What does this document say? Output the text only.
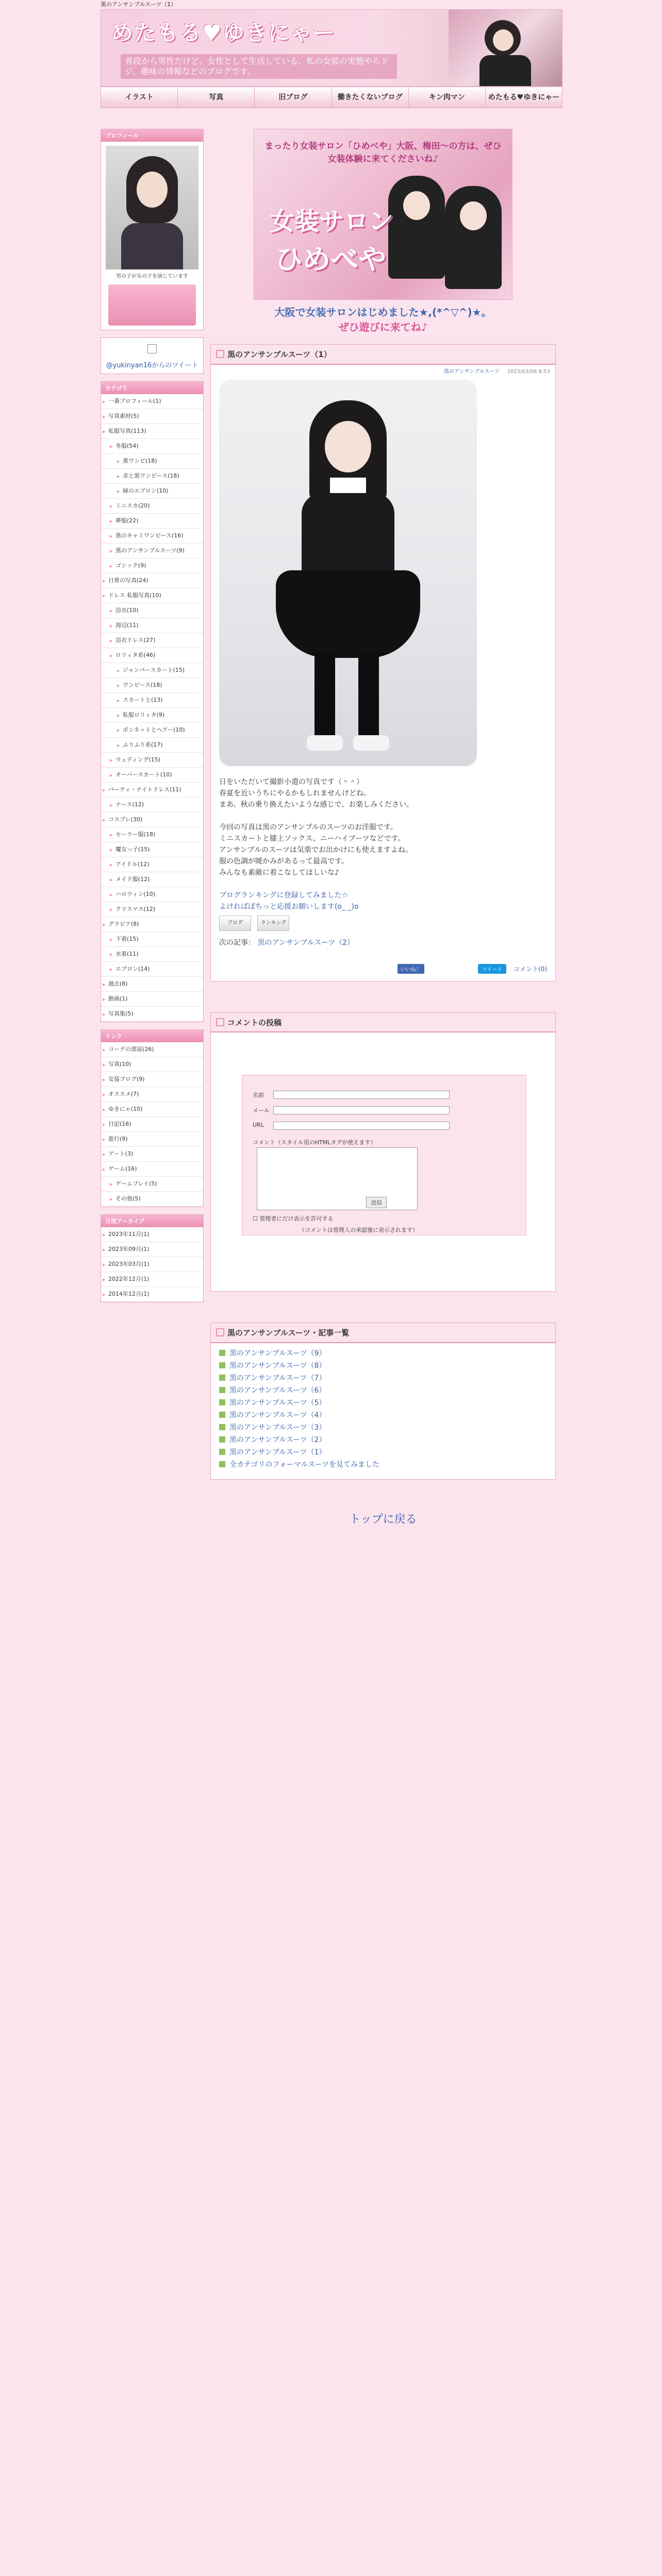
黒のアンサンブルスーツ（1）
めたもる♥ゆきにゃー
普段から男性だけど、女性として生活している、私の女装の実態やらドジ、趣味の情報などのブログです。
イラスト	写真	旧ブログ	働きたくないブログ	キン肉マン	めたもる♥ゆきにゃー
プロフィール
男の子が女の子を演じています
@yukinyan16からのツイート
カテゴリ
▶ 一番プロフィール(1)
▶ 写真素材(5)
▶ 私服写真(113)
▶ 冬服(54)
▶ 黒ワンピ(18)
▶ 赤と黒ワンピース(18)
▶ 緑のエプロン(10)
▶ ミニスカ(20)
▶ 夢服(22)
▶ 黒のキャミワンピース(16)
▶ 黒のアンサンブルスーツ(9)
▶ ゴシック(9)
▶ 日常の写真(24)
▶ ドレス 私服写真(10)
▶ 浴衣(10)
▶ 海辺(11)
▶ 浴衣ドレス(27)
▶ ロリィタ系(46)
▶ ジャンパースカート(15)
▶ ワンピース(18)
▶ スカートと(13)
▶ 私服ロリィタ(9)
▶ ボンネットとヘアー(10)
▶ ふりふり系(17)
▶ ウェディング(15)
▶ オーバースカート(10)
▶ パーティ・ナイトドレス(11)
▶ ナース(12)
▶ コスプレ(30)
▶ セーラー服(18)
▶ 魔女っ子(15)
▶ アイドル(12)
▶ メイド服(12)
▶ ハロウィン(10)
▶ クリスマス(12)
▶ グラビア(8)
▶ 下着(15)
▶ 水着(11)
▶ エプロン(14)
▶ 過去(8)
▶ 動画(1)
▶ 写真集(5)
リンク
▶ コーデの部屋(26)
▶ 写真(10)
▶ 女装ブログ(9)
▶ オススメ(7)
▶ ゆきにゃ(10)
▶ 日記(16)
▶ 旅行(9)
▶ アート(3)
▶ ゲーム(16)
▶ ゲームプレイ(5)
▶ その他(5)
月別アーカイブ
▶ 2023年11月(1)
▶ 2023年09月(1)
▶ 2023年03月(1)
▶ 2022年12月(1)
▶ 2014年12月(1)
まったり女装サロン「ひめべや」大阪、梅田〜の方は、ぜひ女装体験に来てくださいね♪
女装サロン
ひめべや
大阪で女装サロンはじめました★,(*^▽^)★。
ぜひ遊びに来てね♪
黒のアンサンブルスーツ（1）
黒のアンサンブルスーツ 2023/03/06 8:53

日をいただいて撮影小遣の写真です（＾＾）

春夏を近いうちにやるかもしれませんけどね。

まあ、秋の乗り換えたいような感じで、お楽しみください。

今回の写真は黒のアンサンブルのスーツのお洋服です。

ミニスカートと膝上ソックス、ニーハイブーツなどです。

アンサンブルのスーツは気楽でお出かけにも使えますよね。

服の色調が暖かみがあるって最高です。

みんなも素敵に着こなしてほしいな♪

ブログランキングに登録してみました☆

よければぽちっと応援お願いします(o_ _)o

ブログ	ランキング
次の記事： 黒のアンサンブルスーツ（2）
いいね！	ツイート コメント(0)
コメントの投稿
名前
メール
URL
コメント（スタイル用のHTMLタグが使えます）
☐ 管理者にだけ表示を許可する
送信
（コメントは管理人の承認後に表示されます）
黒のアンサンブルスーツ・記事一覧
黒のアンサンブルスーツ（9）
黒のアンサンブルスーツ（8）
黒のアンサンブルスーツ（7）
黒のアンサンブルスーツ（6）
黒のアンサンブルスーツ（5）
黒のアンサンブルスーツ（4）
黒のアンサンブルスーツ（3）
黒のアンサンブルスーツ（2）
黒のアンサンブルスーツ（1）
全カテゴリのフォーマルスーツを見てみました
トップに戻る
